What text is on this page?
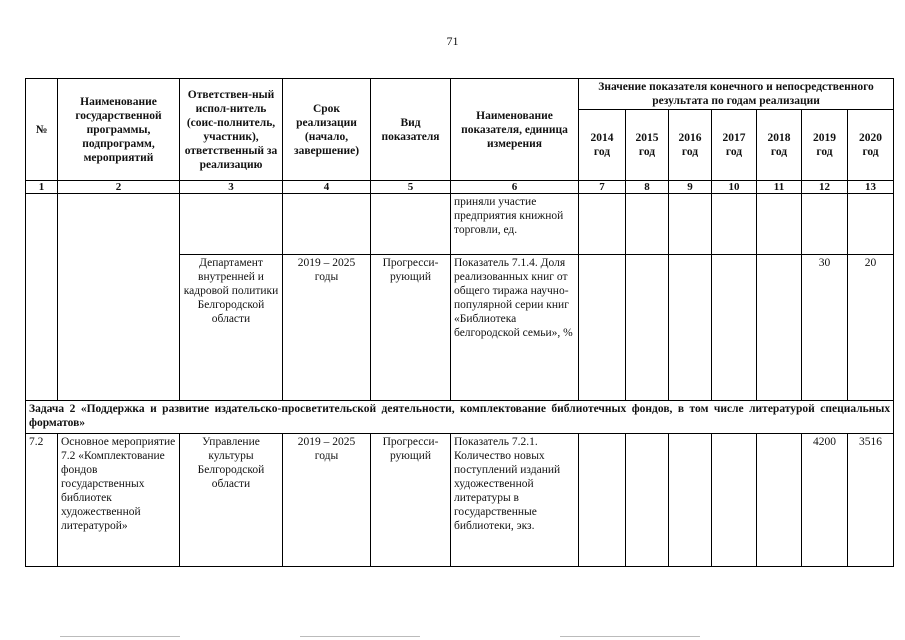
71
№	Наименование государственной программы, подпрограмм, мероприятий	Ответствен-ный испол-нитель (соис-полнитель, участник), ответственный за реализацию	Срок реализации (начало, завершение)	Вид показателя	Наименование показателя, единица измерения	Значение показателя конечного и непосредственного результата по годам реализации						
						2014 год	2015 год	2016 год	2017 год	2018 год	2019 год	2020 год
1	2	3	4	5	6	7	8	9	10	11	12	13
					приняли участие предприятия книжной торговли, ед.							
		Департамент внутренней и кадровой политики Белгородской области	2019 – 2025 годы	Прогресси-рующий	Показатель 7.1.4. Доля реализованных книг от общего тиража научно-популярной серии книг «Библиотека белгородской семьи», %						30	20
Задача 2 «Поддержка и развитие издательско-просветительской деятельности, комплектование библиотечных фондов, в том числе литературой специальных форматов»												
7.2	Основное мероприятие 7.2 «Комплектование фондов государственных библиотек художественной литературой»	Управление культуры Белгородской области	2019 – 2025 годы	Прогресси-рующий	Показатель 7.2.1. Количество новых поступлений изданий художественной литературы в государственные библиотеки, экз.						4200	3516
